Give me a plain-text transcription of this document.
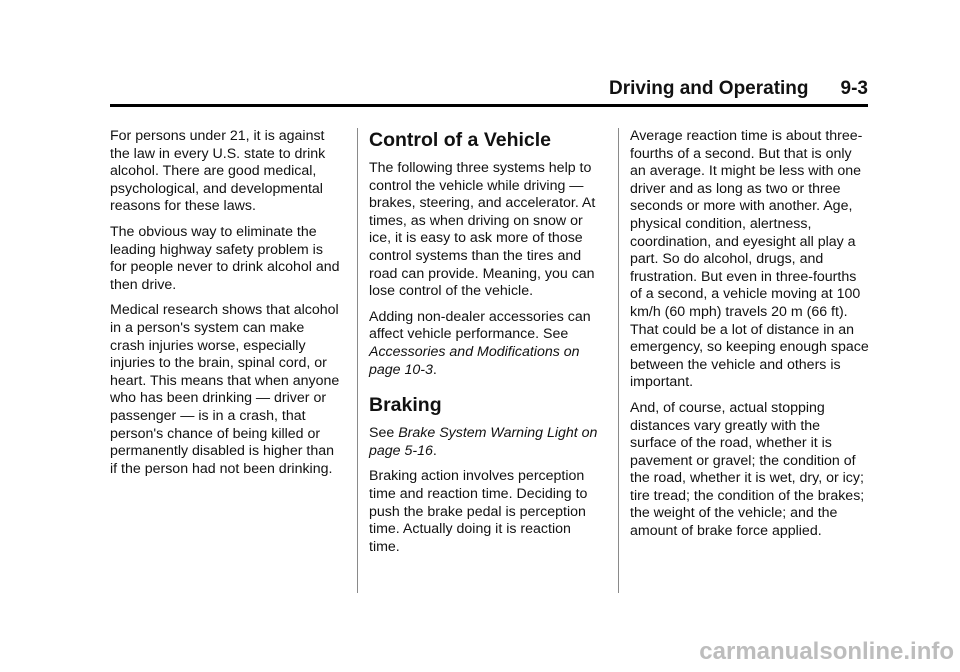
Driving and Operating 9-3

For persons under 21, it is against the law in every U.S. state to drink alcohol. There are good medical, psychological, and developmental reasons for these laws.

The obvious way to eliminate the leading highway safety problem is for people never to drink alcohol and then drive.

Medical research shows that alcohol in a person's system can make crash injuries worse, especially injuries to the brain, spinal cord, or heart. This means that when anyone who has been drinking — driver or passenger — is in a crash, that person's chance of being killed or permanently disabled is higher than if the person had not been drinking.

Control of a Vehicle

The following three systems help to control the vehicle while driving — brakes, steering, and accelerator. At times, as when driving on snow or ice, it is easy to ask more of those control systems than the tires and road can provide. Meaning, you can lose control of the vehicle.

Adding non-dealer accessories can affect vehicle performance. See Accessories and Modifications on page 10-3.

Braking

See Brake System Warning Light on page 5-16.

Braking action involves perception time and reaction time. Deciding to push the brake pedal is perception time. Actually doing it is reaction time.

Average reaction time is about three-fourths of a second. But that is only an average. It might be less with one driver and as long as two or three seconds or more with another. Age, physical condition, alertness, coordination, and eyesight all play a part. So do alcohol, drugs, and frustration. But even in three-fourths of a second, a vehicle moving at 100 km/h (60 mph) travels 20 m (66 ft). That could be a lot of distance in an emergency, so keeping enough space between the vehicle and others is important.

And, of course, actual stopping distances vary greatly with the surface of the road, whether it is pavement or gravel; the condition of the road, whether it is wet, dry, or icy; tire tread; the condition of the brakes; the weight of the vehicle; and the amount of brake force applied.

carmanualsonline.info
